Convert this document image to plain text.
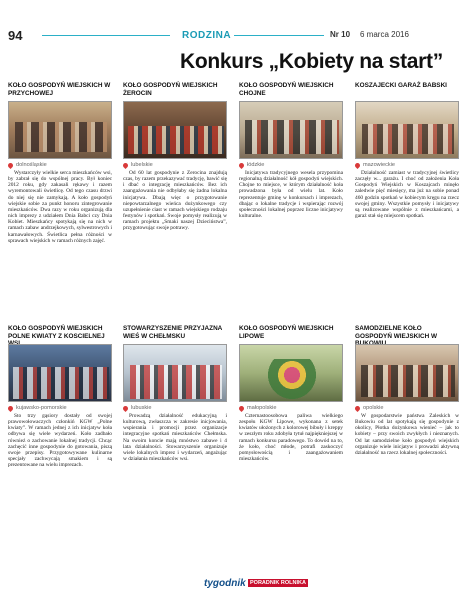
94	RODZINA	Nr 10 6 marca 2016
Konkurs „Kobiety na start”
KOŁO GOSPODYŃ WIEJSKICH W PRZYCHOWEJ
dolnośląskie
Wystarczyły wielkie serca mieszkańców wsi, by zabrał się do wspólnej pracy. Był koniec 2012 roku, gdy zakasali rękawy i razem wyremontowali świetlicę. Od tego czasu drzwi do niej się nie zamykają. A koło gospodyń wiejskie sobie za punkt honoru zintegrowanie mieszkańców. Dwa razy w roku organizują dla nich imprezy z udziałem Dnia Babci czy Dnia Kobiet. Mieszkańcy spotykają się na nich w ramach zabaw andrzejkowych, sylwestrowych i karnawałowych. Świetlica pełna różności w sprawach wiejskich w ramach różnych zajęć.
KOŁO GOSPODYŃ WIEJSKICH ŻEROCIN
lubelskie
Od 60 lat gospodynie z Żerocina znajdują czas, by razem przekazywać tradycję, bawić się i dbać o integrację mieszkańców. Bez ich zaangażowania nie odbyłaby się żadna lokalna inicjatywa. Dbają więc o przygotowanie niepowtarzalnego wieńca dożynkowego czy uzupełnienie ciast w ramach wiejskiego rodzaju festynów i spotkań. Swoje pomysły realizują w ramach projektu „Smaki naszej Dzieciństwa”, przygotowując swoje potrawy.
KOŁO GOSPODYŃ WIEJSKICH CHOJNE
łódzkie
Inicjatywa tradycyjnego wesela przypomina regionalną działalność kół gospodyń wiejskich. Chojne to miejsce, w którym działalność koła prowadzona była od wielu lat. Koło reprezentuje gminę w konkursach i imprezach, dbając o lokalne tradycje i wspierając rozwój społeczności lokalnej poprzez liczne inicjatywy kulturalne.
KOSZAJECKI GARAŻ BABSKI
mazowieckie
Działalność zamiast w tradycyjnej świetlicy zaczęły w... garażu. I choć od założenia Koła Gospodyń Wiejskich w Koszajcach minęło zaledwie pięć miesięcy, ma już na sobie ponad 460 godzin spotkań w kobiecym kręgu na rzecz swojej gminy. Wszystkie pomysły i inicjatywy są realizowane wspólnie z mieszkańcami, a garaż stał się miejscem spotkań.
KOŁO GOSPODYŃ WIEJSKICH POLNE KWIATY Z KOSCIELNEJ
kujawsko-pomorskie
Sto trzy gąsiory dostały od swojej prawowołowaczych członkiń KGW „Polne kwiaty”. W ramach jednej z ich inicjatyw koła odbywa się wiele wydarzeń. Koło zadbało również o zachowanie lokalnej tradycji. Chcąc zachęcić inne gospodynie do gotowania, piszą swoje przepisy. Przygotowywane kulinarne specjały zachwycają smakiem i są prezentowane na wielu imprezach.
STOWARZYSZENIE PRZYJAZNA WIEŚ W CHEŁMSKU
lubuskie
Prowadzą działalność edukacyjną i kulturową, zwłaszcza w zakresie inicjowania, wspierania i promocji przez organizacje integracyjne spotkań mieszkańców Chełmska. Na swoim koncie mają mnóstwo zabawe i 4 lata działalności. Stowarzyszenie organizuje wiele lokalnych imprez i wydarzeń, angażując w działania mieszkańców wsi.
KOŁO GOSPODYŃ WIEJSKICH LIPOWE
małopolskie
Czternastoosobowa paliwa wielkiego zespołu KGW Lipowe, wykonana z setek kwiatów ułożonych z kolorowej bibuły i kreppy w zeszłym roku zdobyła tytuł najpiękniejszej w ramach konkursu paradowego. To dowód na to, że koło, choć młode, potrafi zaskoczyć pomysłowością i zaangażowaniem mieszkańców.
SAMODZIELNE KOŁO GOSPODYŃ WIEJSKICH W
opolskie
W gospodarstwie państwa Zaleskich w Bukowiu od lat spotykają się gospodynie z okolicy, Płotka dożynkowa wienieć – jak to kobiety – przy swoich zwykłych i nieznanych. Od lat samodzielne koło gospodyń wiejskich organizuje wiele inicjatyw i prowadzi aktywną działalność na rzecz lokalnej społeczności.
tygodnik PORADNIK ROLNIKA
